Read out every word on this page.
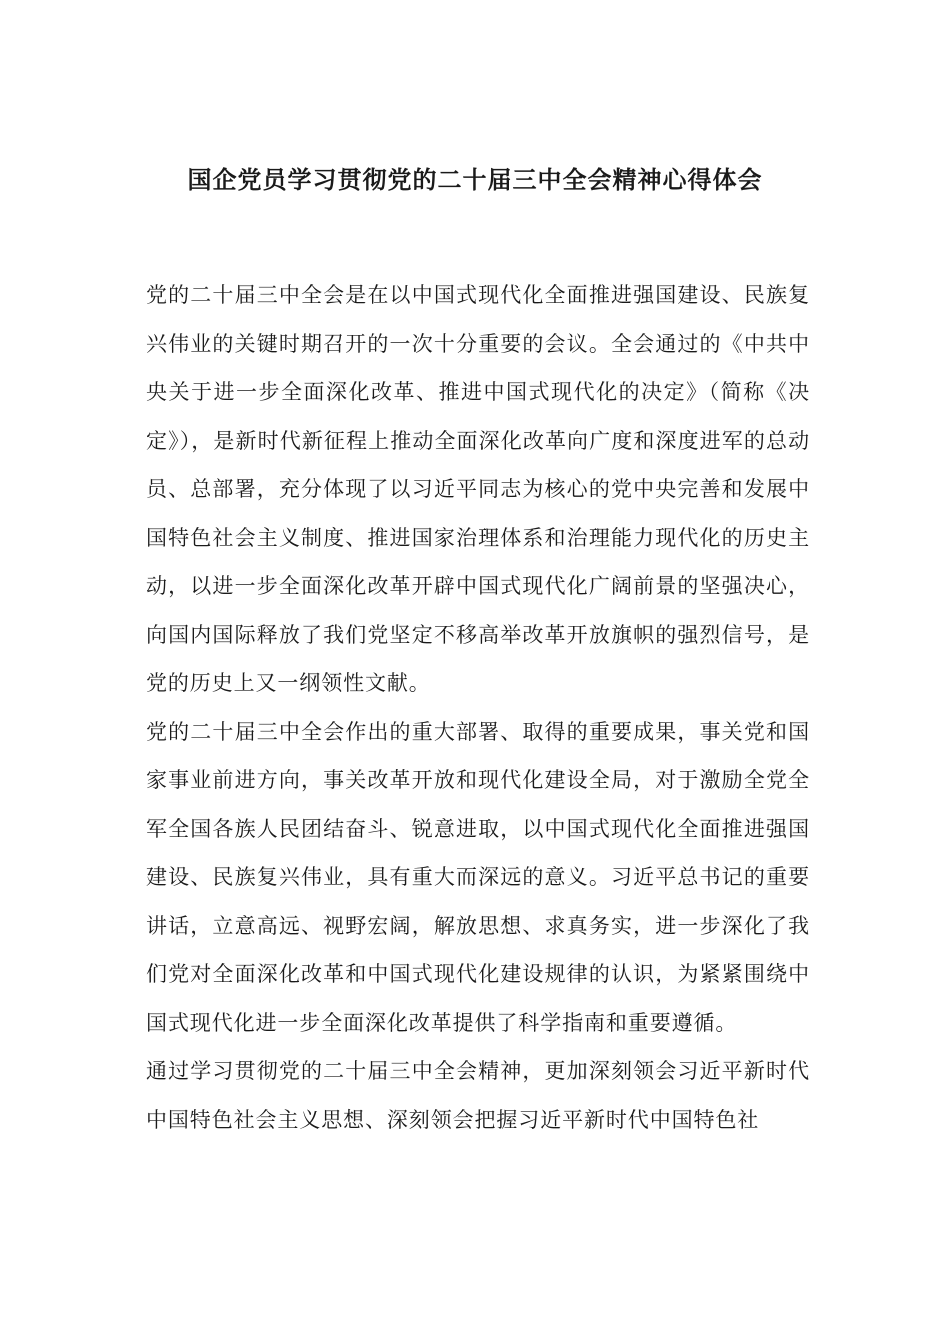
国企党员学习贯彻党的二十届三中全会精神心得体会

党的二十届三中全会是在以中国式现代化全面推进强国建设、民族复兴伟业的关键时期召开的一次十分重要的会议。全会通过的《中共中央关于进一步全面深化改革、推进中国式现代化的决定》（简称《决定》），是新时代新征程上推动全面深化改革向广度和深度进军的总动员、总部署，充分体现了以习近平同志为核心的党中央完善和发展中国特色社会主义制度、推进国家治理体系和治理能力现代化的历史主动，以进一步全面深化改革开辟中国式现代化广阔前景的坚强决心，向国内国际释放了我们党坚定不移高举改革开放旗帜的强烈信号，是党的历史上又一纲领性文献。

党的二十届三中全会作出的重大部署、取得的重要成果，事关党和国家事业前进方向，事关改革开放和现代化建设全局，对于激励全党全军全国各族人民团结奋斗、锐意进取，以中国式现代化全面推进强国建设、民族复兴伟业，具有重大而深远的意义。习近平总书记的重要讲话，立意高远、视野宏阔，解放思想、求真务实，进一步深化了我们党对全面深化改革和中国式现代化建设规律的认识，为紧紧围绕中国式现代化进一步全面深化改革提供了科学指南和重要遵循。

通过学习贯彻党的二十届三中全会精神，更加深刻领会习近平新时代中国特色社会主义思想、深刻领会把握习近平新时代中国特色社
